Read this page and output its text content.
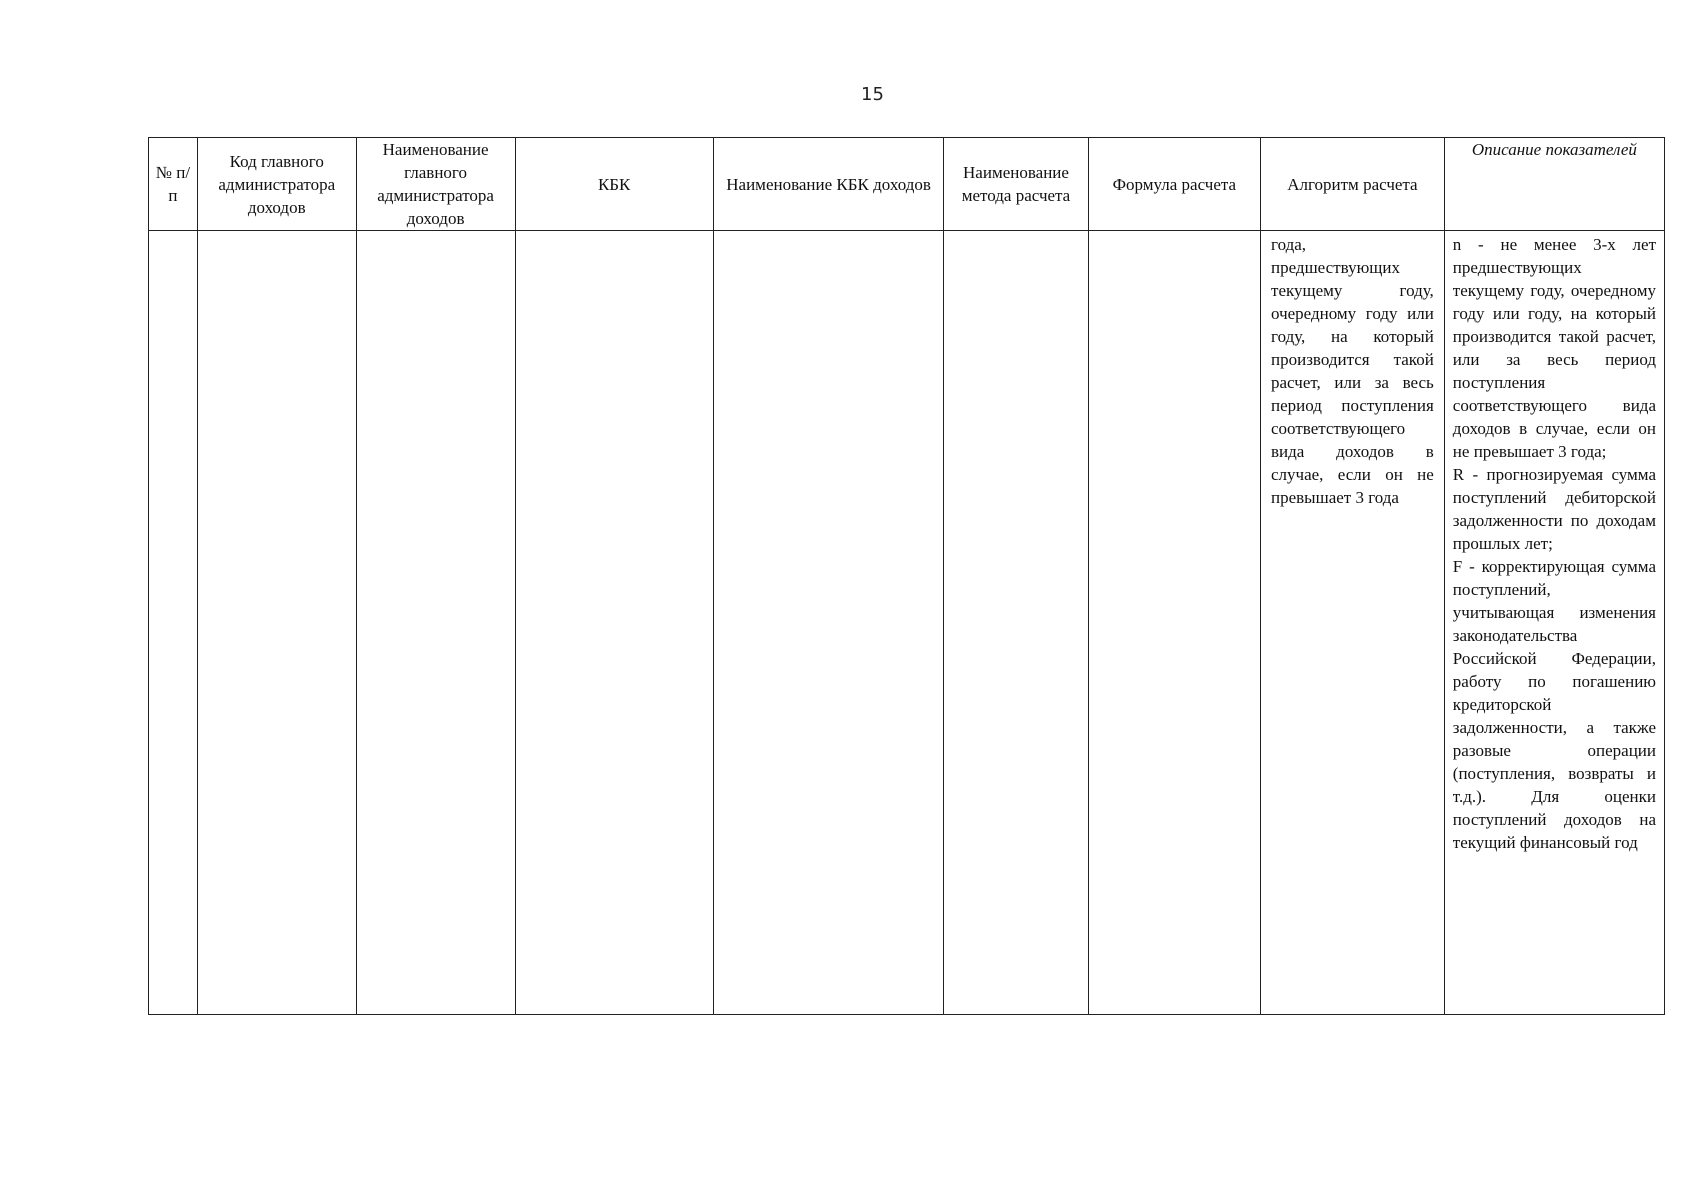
15
№ п/п	Код главного администратора доходов	Наименование главного администратора доходов	КБК	Наименование КБК доходов	Наименование метода расчета	Формула расчета	Алгоритм расчета	Описание показателей

							года, предшествующих текущему году, очередному году или году, на который производится такой расчет, или за весь период поступления соответствующего вида доходов в случае, если он не превышает 3 года	n - не менее 3-х лет предшествующих текущему году, очередному году или году, на который производится такой расчет, или за весь период поступления соответствующего вида доходов в случае, если он не превышает 3 года;
R - прогнозируемая сумма поступлений дебиторской задолженности по доходам прошлых лет;
F - корректирующая сумма поступлений, учитывающая изменения законодательства Российской Федерации, работу по погашению кредиторской задолженности, а также разовые операции (поступления, возвраты и т.д.). Для оценки поступлений доходов на текущий финансовый год
